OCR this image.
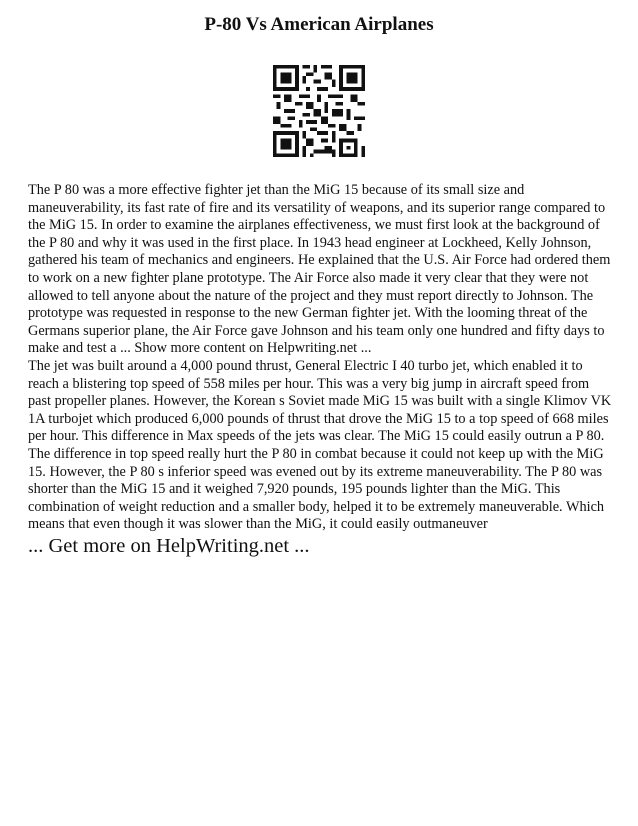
P-80 Vs American Airplanes

The P 80 was a more effective fighter jet than the MiG 15 because of its small size and maneuverability, its fast rate of fire and its versatility of weapons, and its superior range compared to the MiG 15. In order to examine the airplanes effectiveness, we must first look at the background of the P 80 and why it was used in the first place. In 1943 head engineer at Lockheed, Kelly Johnson, gathered his team of mechanics and engineers. He explained that the U.S. Air Force had ordered them to work on a new fighter plane prototype. The Air Force also made it very clear that they were not allowed to tell anyone about the nature of the project and they must report directly to Johnson. The prototype was requested in response to the new German fighter jet. With the looming threat of the Germans superior plane, the Air Force gave Johnson and his team only one hundred and fifty days to make and test a ... Show more content on Helpwriting.net ...

The jet was built around a 4,000 pound thrust, General Electric I 40 turbo jet, which enabled it to reach a blistering top speed of 558 miles per hour. This was a very big jump in aircraft speed from past propeller planes. However, the Korean s Soviet made MiG 15 was built with a single Klimov VK 1A turbojet which produced 6,000 pounds of thrust that drove the MiG 15 to a top speed of 668 miles per hour. This difference in Max speeds of the jets was clear. The MiG 15 could easily outrun a P 80. The difference in top speed really hurt the P 80 in combat because it could not keep up with the MiG 15. However, the P 80 s inferior speed was evened out by its extreme maneuverability. The P 80 was shorter than the MiG 15 and it weighed 7,920 pounds, 195 pounds lighter than the MiG. This combination of weight reduction and a smaller body, helped it to be extremely maneuverable. Which means that even though it was slower than the MiG, it could easily outmaneuver

... Get more on HelpWriting.net ...
